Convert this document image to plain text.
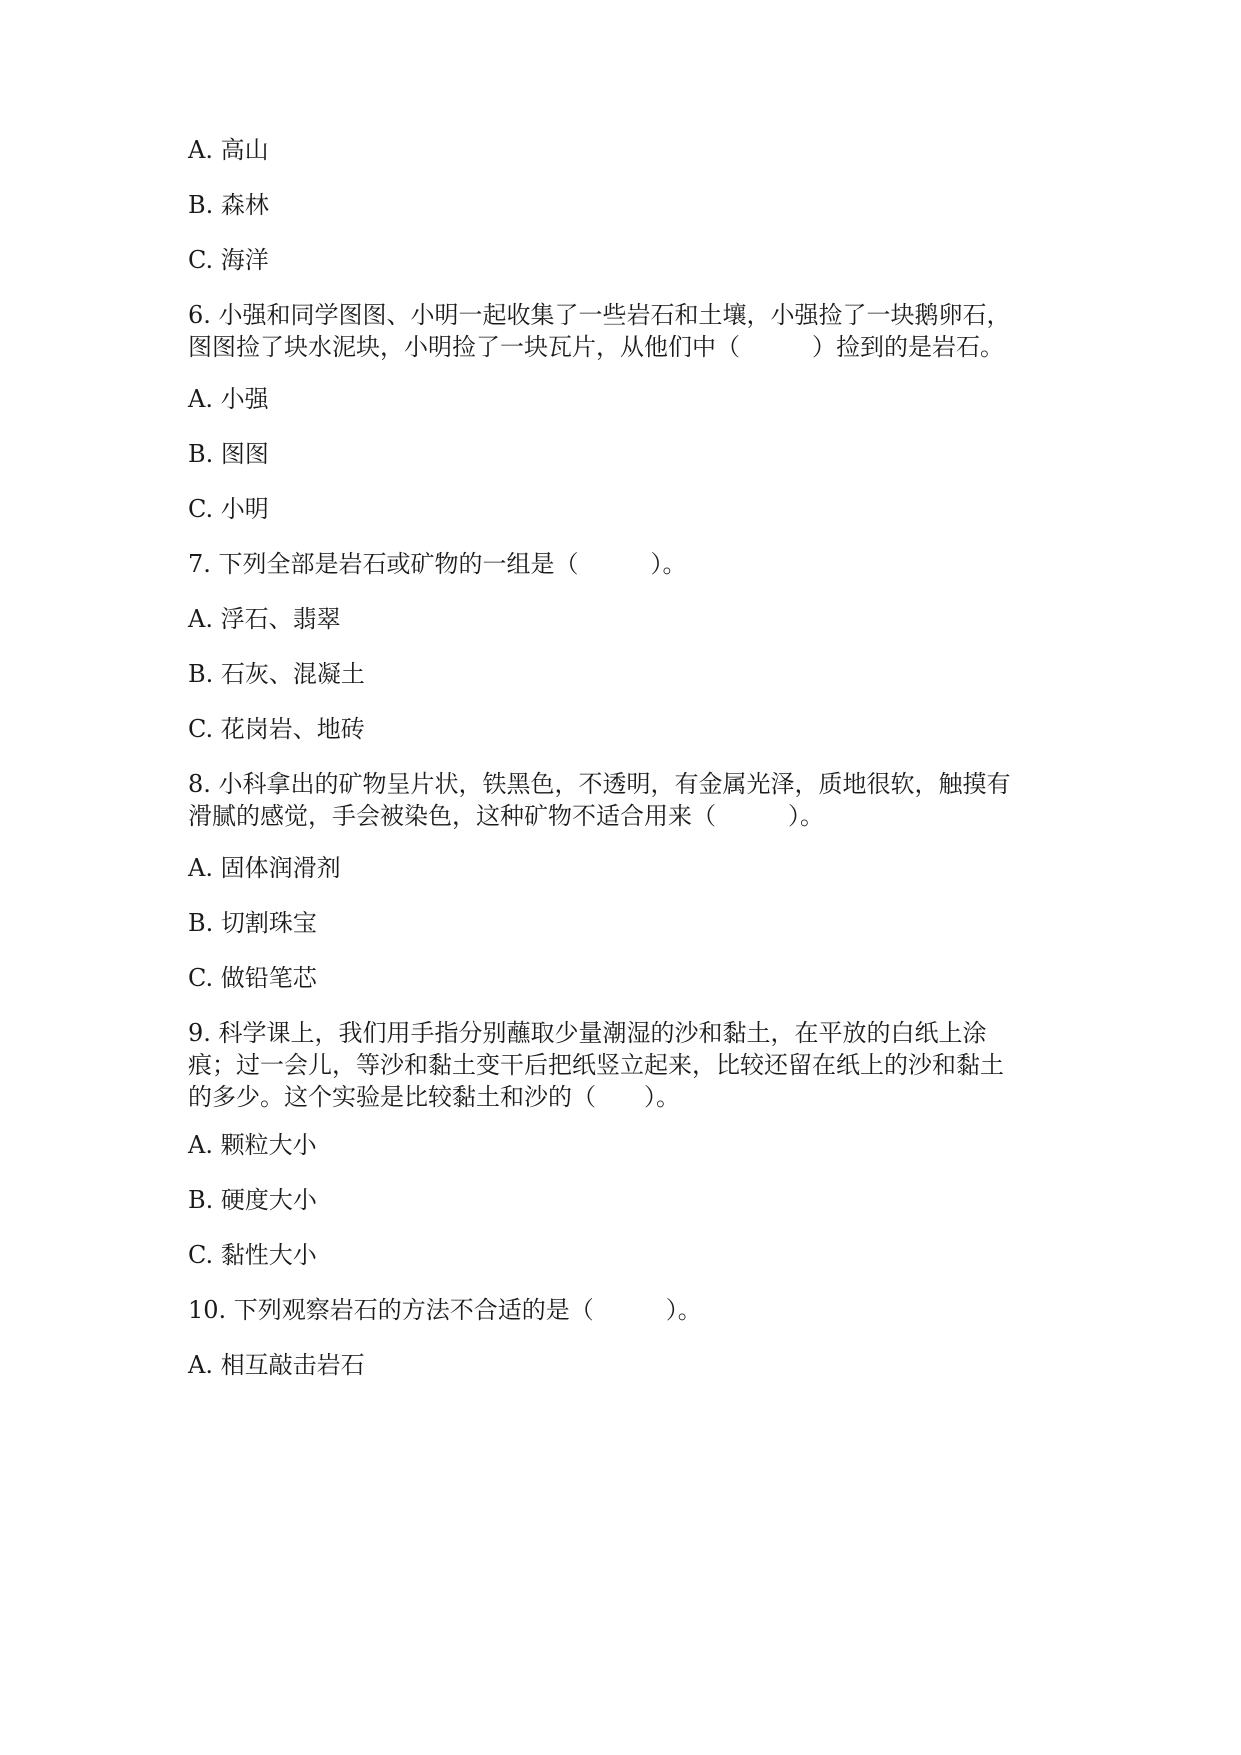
A. 高山

B. 森林

C. 海洋

6. 小强和同学图图、小明一起收集了一些岩石和土壤，小强捡了一块鹅卵石，
图图捡了块水泥块，小明捡了一块瓦片，从他们中（　　　）捡到的是岩石。

A. 小强

B. 图图

C. 小明

7. 下列全部是岩石或矿物的一组是（　　　）。

A. 浮石、翡翠

B. 石灰、混凝土

C. 花岗岩、地砖

8. 小科拿出的矿物呈片状，铁黑色，不透明，有金属光泽，质地很软，触摸有
滑腻的感觉，手会被染色，这种矿物不适合用来（　　　）。

A. 固体润滑剂

B. 切割珠宝

C. 做铅笔芯

9. 科学课上，我们用手指分别蘸取少量潮湿的沙和黏土，在平放的白纸上涂
痕；过一会儿，等沙和黏土变干后把纸竖立起来，比较还留在纸上的沙和黏土
的多少。这个实验是比较黏土和沙的（　　）。

A. 颗粒大小

B. 硬度大小

C. 黏性大小

10. 下列观察岩石的方法不合适的是（　　　）。

A. 相互敲击岩石
